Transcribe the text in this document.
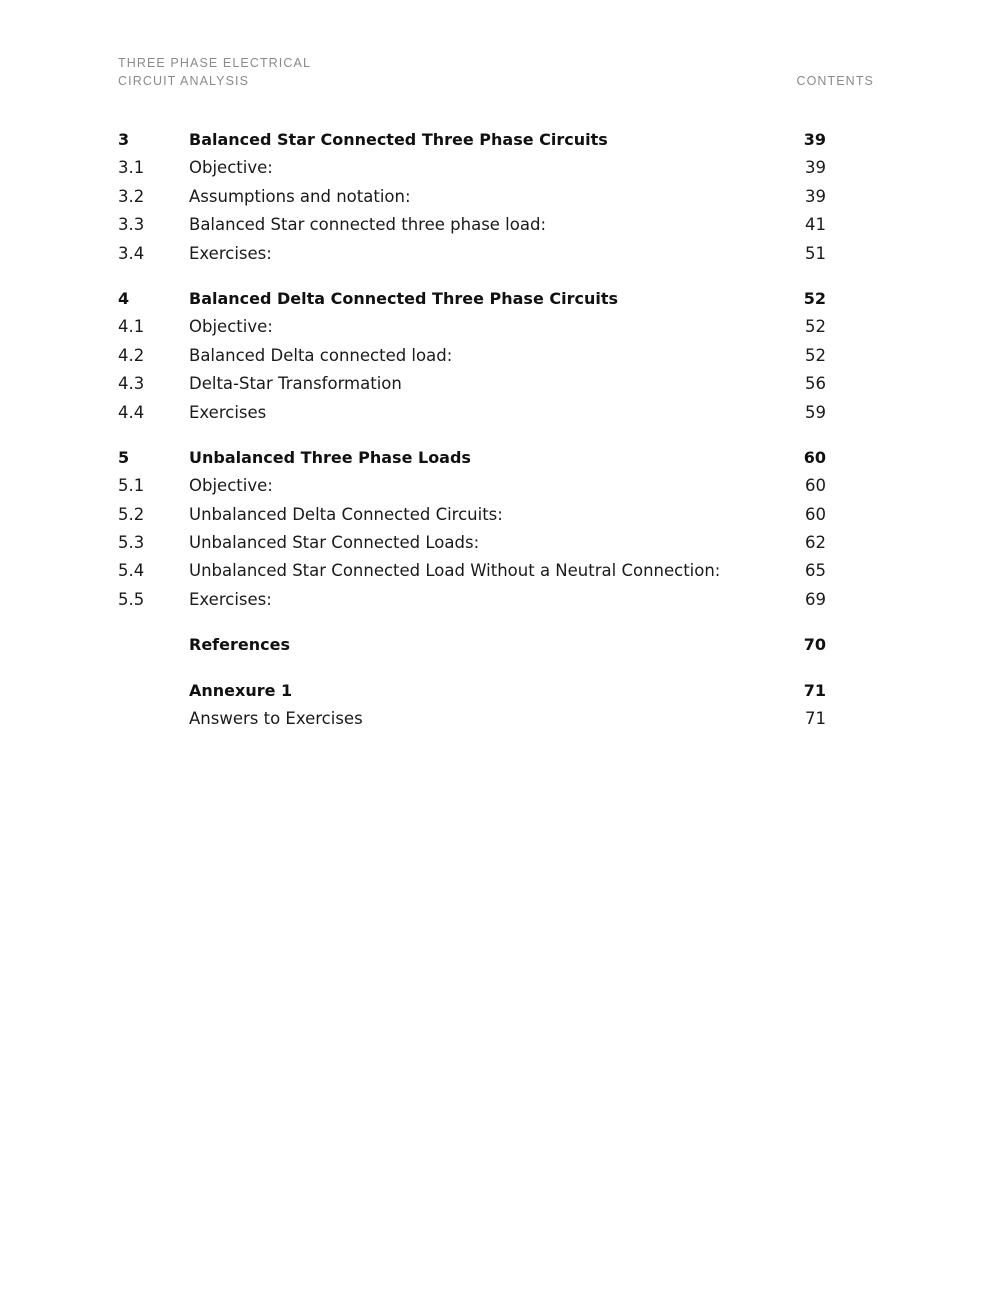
THREE PHASE ELECTRICAL
CIRCUIT ANALYSIS	CONTENTS
3	Balanced Star Connected Three Phase Circuits	39
3.1	Objective:	39
3.2	Assumptions and notation:	39
3.3	Balanced Star connected three phase load:	41
3.4	Exercises:	51
4	Balanced Delta Connected Three Phase Circuits	52
4.1	Objective:	52
4.2	Balanced Delta connected load:	52
4.3	Delta-Star Transformation	56
4.4	Exercises	59
5	Unbalanced Three Phase Loads	60
5.1	Objective:	60
5.2	Unbalanced Delta Connected Circuits:	60
5.3	Unbalanced Star Connected Loads:	62
5.4	Unbalanced Star Connected Load Without a Neutral Connection:	65
5.5	Exercises:	69
References	70
Annexure 1	71
Answers to Exercises	71
